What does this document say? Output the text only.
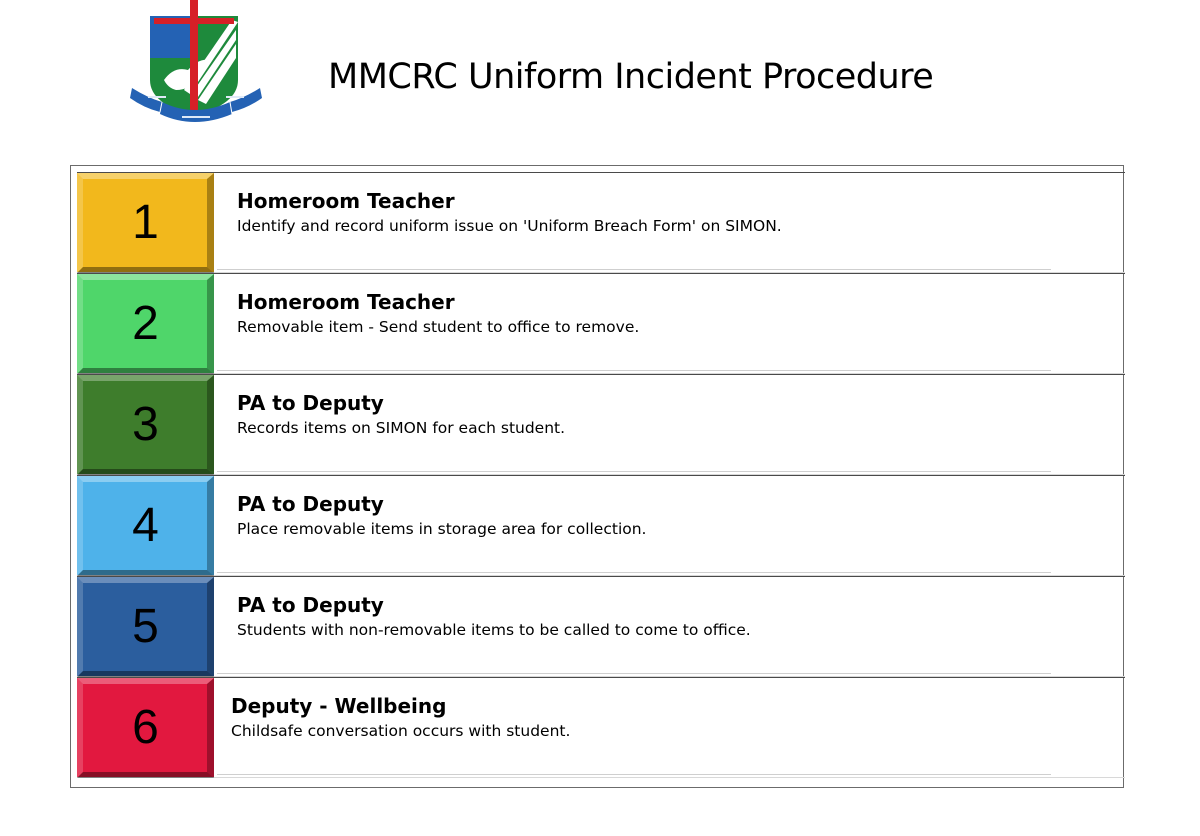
MMCRC Uniform Incident Procedure
1	Homeroom Teacher
Identify and record uniform issue on 'Uniform Breach Form' on SIMON.
2	Homeroom Teacher
Removable item - Send student to office to remove.
3	PA to Deputy
Records items on SIMON for each student.
4	PA to Deputy
Place removable items in storage area for collection.
5	PA to Deputy
Students with non-removable items to be called to come to office.
6	Deputy - Wellbeing
Childsafe conversation occurs with student.
